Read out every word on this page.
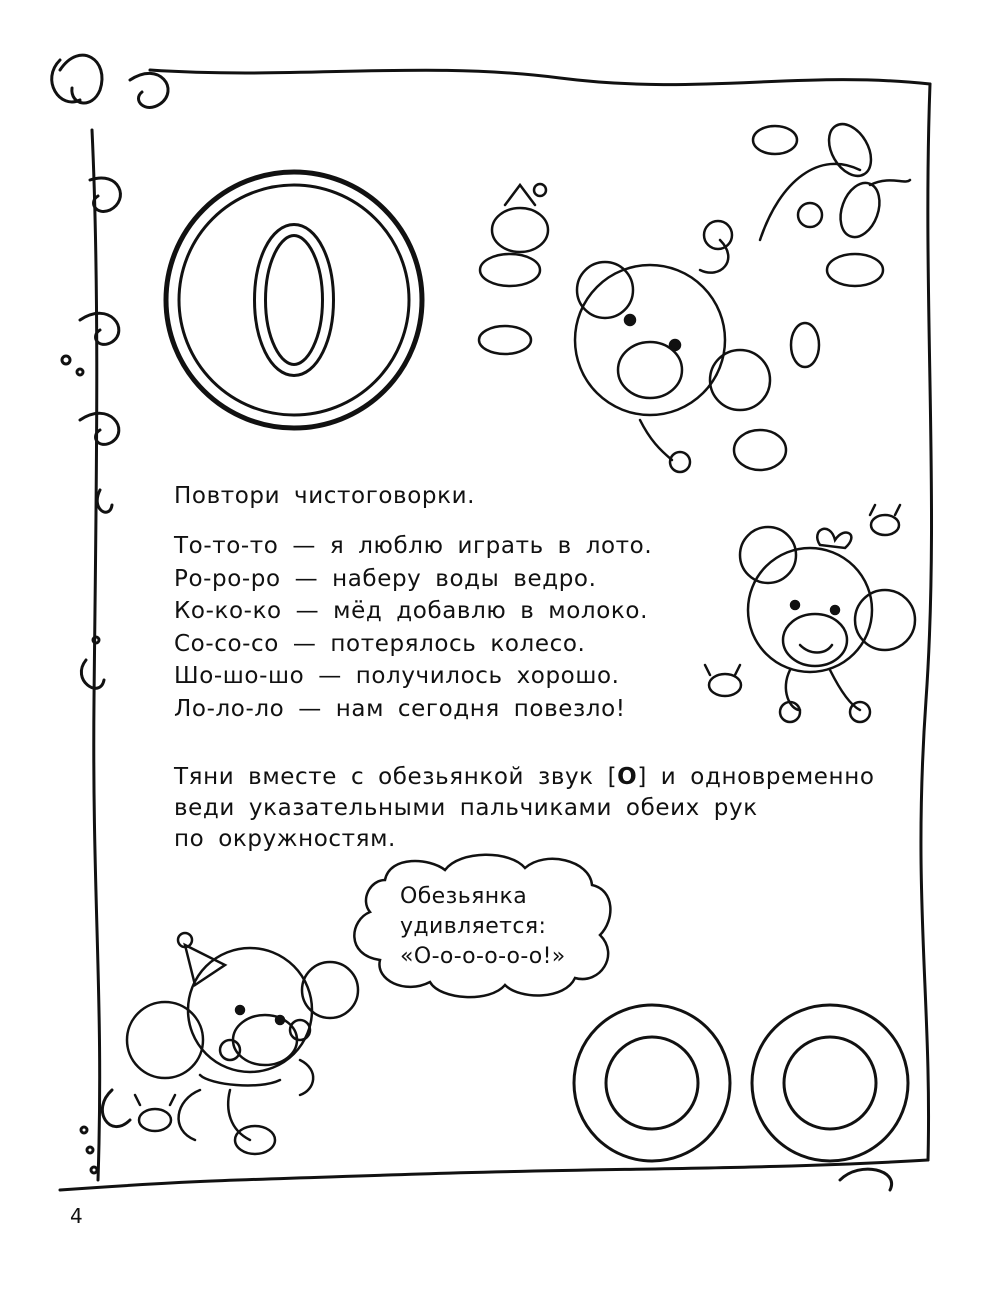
Повтори чистоговорки.
То-то-то — я люблю играть в лото.
Ро-ро-ро — наберу воды ведро.
Ко-ко-ко — мёд добавлю в молоко.
Со-со-со — потерялось колесо.
Шо-шо-шо — получилось хорошо.
Ло-ло-ло — нам сегодня повезло!
Тяни вместе с обезьянкой звук [О] и одновременно
веди указательными пальчиками обеих рук
по окружностям.
Обезьянка
удивляется:
«О-о-о-о-о-о!»
4
